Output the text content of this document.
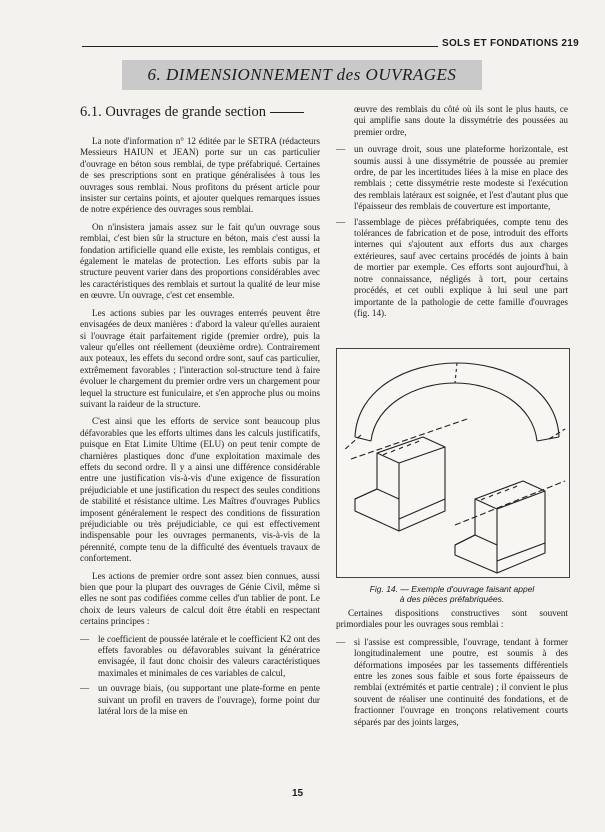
SOLS ET FONDATIONS 219
6. DIMENSIONNEMENT des OUVRAGES
6.1. Ouvrages de grande section

La note d'information n° 12 éditée par le SETRA (rédacteurs Messieurs HAIUN et JEAN) porte sur un cas particulier d'ouvrage en béton sous remblai, de type préfabriqué. Certaines de ses prescriptions sont en pratique généralisées à tous les ouvrages sous remblai. Nous profitons du présent article pour insister sur certains points, et ajouter quelques remarques issues de notre expérience des ouvrages sous remblai.

On n'insistera jamais assez sur le fait qu'un ouvrage sous remblai, c'est bien sûr la structure en béton, mais c'est aussi la fondation artificielle quand elle existe, les remblais contigus, et également le matelas de protection. Les efforts subis par la structure peuvent varier dans des proportions considérables avec les caractéristiques des remblais et surtout la qualité de leur mise en œuvre. Un ouvrage, c'est cet ensemble.

Les actions subies par les ouvrages enterrés peuvent être envisagées de deux manières : d'abord la valeur qu'elles auraient si l'ouvrage était parfaitement rigide (premier ordre), puis la valeur qu'elles ont réellement (deuxième ordre). Contrairement aux poteaux, les effets du second ordre sont, sauf cas particulier, extrêmement favorables ; l'interaction sol-structure tend à faire évoluer le chargement du premier ordre vers un chargement pour lequel la structure est funiculaire, et s'en approche plus ou moins suivant la raideur de la structure.

C'est ainsi que les efforts de service sont beaucoup plus défavorables que les efforts ultimes dans les calculs justificatifs, puisque en Etat Limite Ultime (ELU) on peut tenir compte de charnières plastiques donc d'une exploitation maximale des effets du second ordre. Il y a ainsi une différence considérable entre une justification vis-à-vis d'une exigence de fissuration préjudiciable et une justification du respect des seules conditions de stabilité et résistance ultime. Les Maîtres d'ouvrages Publics imposent généralement le respect des conditions de fissuration préjudiciable ou très préjudiciable, ce qui est effectivement indispensable pour les ouvrages permanents, vis-à-vis de la pérennité, compte tenu de la difficulté des éventuels travaux de confortement.

Les actions de premier ordre sont assez bien connues, aussi bien que pour la plupart des ouvrages de Génie Civil, même si elles ne sont pas codifiées comme celles d'un tablier de pont. Le choix de leurs valeurs de calcul doit être établi en respectant certains principes :

— le coefficient de poussée latérale et le coefficient K2 ont des effets favorables ou défavorables suivant la génératrice envisagée, il faut donc choisir des valeurs caractéristiques maximales et minimales de ces variables de calcul,
— un ouvrage biais, (ou supportant une plate-forme en pente suivant un profil en travers de l'ouvrage), forme point dur latéral lors de la mise en

œuvre des remblais du côté où ils sont le plus hauts, ce qui amplifie sans doute la dissymétrie des poussées au premier ordre,

— un ouvrage droit, sous une plateforme horizontale, est soumis aussi à une dissymétrie de poussée au premier ordre, de par les incertitudes liées à la mise en place des remblais ; cette dissymétrie reste modeste si l'exécution des remblais latéraux est soignée, et l'est d'autant plus que l'épaisseur des remblais de couverture est importante,
— l'assemblage de pièces préfabriquées, compte tenu des tolérances de fabrication et de pose, introduit des efforts internes qui s'ajoutent aux efforts dus aux charges extérieures, sauf avec certains procédés de joints à bain de mortier par exemple. Ces efforts sont aujourd'hui, à notre connaissance, négligés à tort, pour certains procédés, et cet oubli explique à lui seul une part importante de la pathologie de cette famille d'ouvrages (fig. 14).
Fig. 14. — Exemple d'ouvrage faisant appel
à des pièces préfabriquées.

Certaines dispositions constructives sont souvent primordiales pour les ouvrages sous remblai :

— si l'assise est compressible, l'ouvrage, tendant à former longitudinalement une poutre, est soumis à des déformations imposées par les tassements différentiels entre les zones sous faible et sous forte épaisseurs de remblai (extrémités et partie centrale) ; il convient le plus souvent de réaliser une continuité des fondations, et de fractionner l'ouvrage en tronçons relativement courts séparés par des joints larges,
15
